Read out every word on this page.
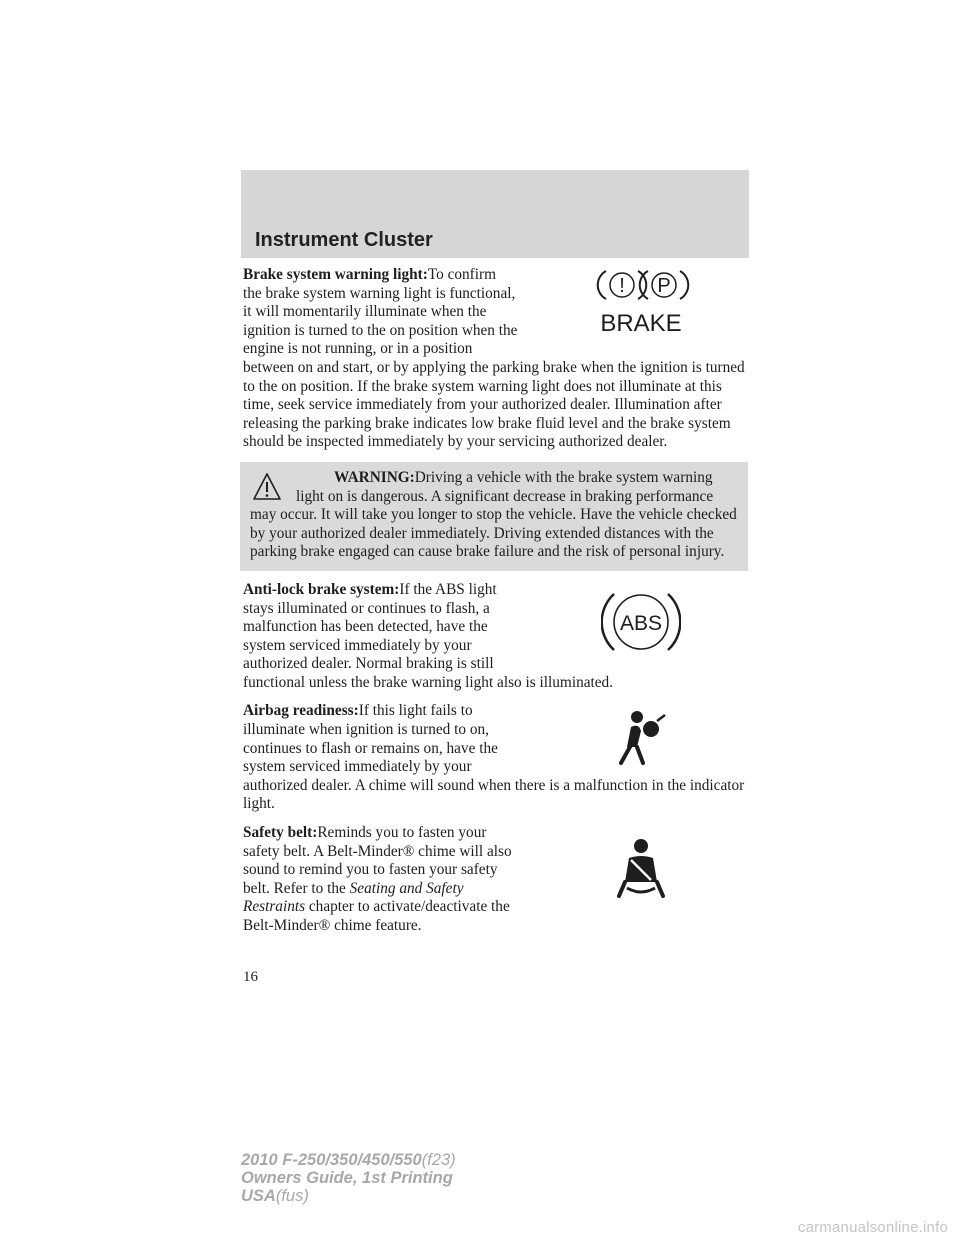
Instrument Cluster
! P
BRAKE

Brake system warning light:To confirm the brake system warning light is functional, it will momentarily illuminate when the ignition is turned to the on position when the engine is not running, or in a position between on and start, or by applying the parking brake when the ignition is turned to the on position. If the brake system warning light does not illuminate at this time, seek service immediately from your authorized dealer. Illumination after releasing the parking brake indicates low brake fluid level and the brake system should be inspected immediately by your servicing authorized dealer.

WARNING:Driving a vehicle with the brake system warning light on is dangerous. A significant decrease in braking performance may occur. It will take you longer to stop the vehicle. Have the vehicle checked by your authorized dealer immediately. Driving extended distances with the parking brake engaged can cause brake failure and the risk of personal injury.

ABS

Anti-lock brake system:If the ABS light stays illuminated or continues to flash, a malfunction has been detected, have the system serviced immediately by your authorized dealer. Normal braking is still functional unless the brake warning light also is illuminated.

Airbag readiness:If this light fails to illuminate when ignition is turned to on, continues to flash or remains on, have the system serviced immediately by your authorized dealer. A chime will sound when there is a malfunction in the indicator light.

Safety belt:Reminds you to fasten your safety belt. A Belt-Minder® chime will also sound to remind you to fasten your safety belt. Refer to the Seating and Safety Restraints chapter to activate/deactivate the Belt-Minder® chime feature.

16
2010 F-250/350/450/550(f23)
Owners Guide, 1st Printing
USA(fus)
carmanualsonline.info
